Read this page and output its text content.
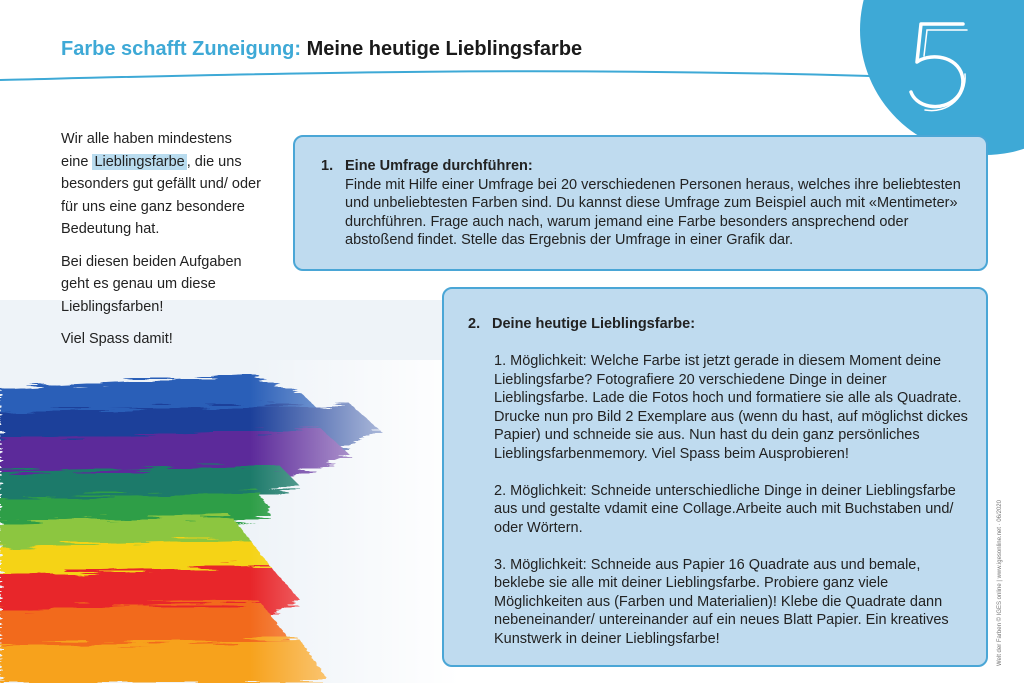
Farbe schafft Zuneigung: Meine heutige Lieblingsfarbe

Wir alle haben mindestens eine Lieblingsfarbe , die uns besonders gut gefällt und/ oder für uns eine ganz besondere Bedeutung hat.

Bei diesen beiden Aufgaben geht es genau um diese Lieblingsfarben!

Viel Spass damit!

1. Eine Umfrage durchführen:
Finde mit Hilfe einer Umfrage bei 20 verschiedenen Personen heraus, welches ihre beliebtesten und unbeliebtesten Farben sind. Du kannst diese Umfrage zum Beispiel auch mit «Mentimeter» durchführen. Frage auch nach, warum jemand eine Farbe besonders ansprechend oder abstoßend findet. Stelle das Ergebnis der Umfrage in einer Grafik dar.
2. Deine heutige Lieblingsfarbe:

1. Möglichkeit: Welche Farbe ist jetzt gerade in diesem Moment deine Lieblingsfarbe? Fotografiere 20 verschiedene Dinge in deiner Lieblingsfarbe. Lade die Fotos hoch und formatiere sie alle als Quadrate. Drucke nun pro Bild 2 Exemplare aus (wenn du hast, auf möglichst dickes Papier) und schneide sie aus. Nun hast du dein ganz persönliches Lieblingsfarbenmemory. Viel Spass beim Ausprobieren!

2. Möglichkeit: Schneide unterschiedliche Dinge in deiner Lieblingsfarbe aus und gestalte vdamit eine Collage.Arbeite auch mit Buchstaben und/ oder Wörtern.

3. Möglichkeit: Schneide aus Papier 16 Quadrate aus und bemale, beklebe sie alle mit deiner Lieblingsfarbe. Probiere ganz viele Möglichkeiten aus (Farben und Materialien)! Klebe die Quadrate dann nebeneinander/ untereinander auf ein neues Blatt Papier. Ein kreatives Kunstwerk in deiner Lieblingsfarbe!	Welt der Farben © IGES online | www.igesonline.net · 06/2020
